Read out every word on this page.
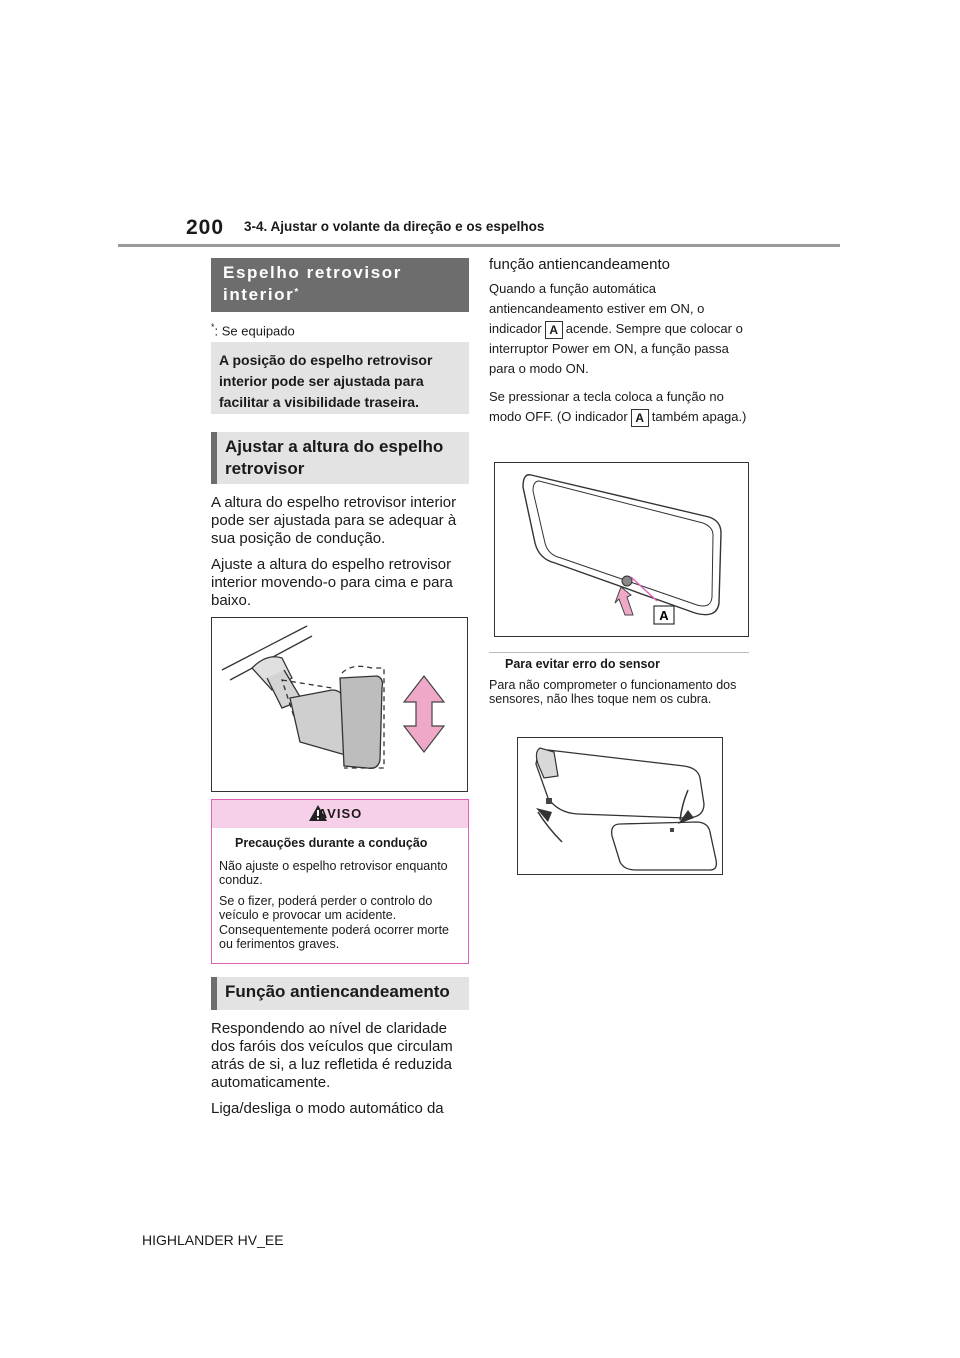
200 3-4. Ajustar o volante da direção e os espelhos
Espelho retrovisor interior*
*: Se equipado
A posição do espelho retrovisor interior pode ser ajustada para facilitar a visibilidade traseira.
Ajustar a altura do espelho retrovisor

A altura do espelho retrovisor interior pode ser ajustada para se adequar à sua posição de condução.

Ajuste a altura do espelho retrovisor interior movendo-o para cima e para baixo.

AVISO
Precauções durante a condução

Não ajuste o espelho retrovisor enquanto conduz.

Se o fizer, poderá perder o controlo do veículo e provocar um acidente. Consequentemente poderá ocorrer morte ou ferimentos graves.

Função antiencandeamento

Respondendo ao nível de claridade dos faróis dos veículos que circulam atrás de si, a luz refletida é reduzida automaticamente.

Liga/desliga o modo automático da

função antiencandeamento

Quando a função automática antiencandeamento estiver em ON, o indicador A acende. Sempre que colocar o interruptor Power em ON, a função passa para o modo ON.

Se pressionar a tecla coloca a função no modo OFF. (O indicador A também apaga.)

A
Para evitar erro do sensor
Para não comprometer o funcionamento dos sensores, não lhes toque nem os cubra.
HIGHLANDER HV_EE
